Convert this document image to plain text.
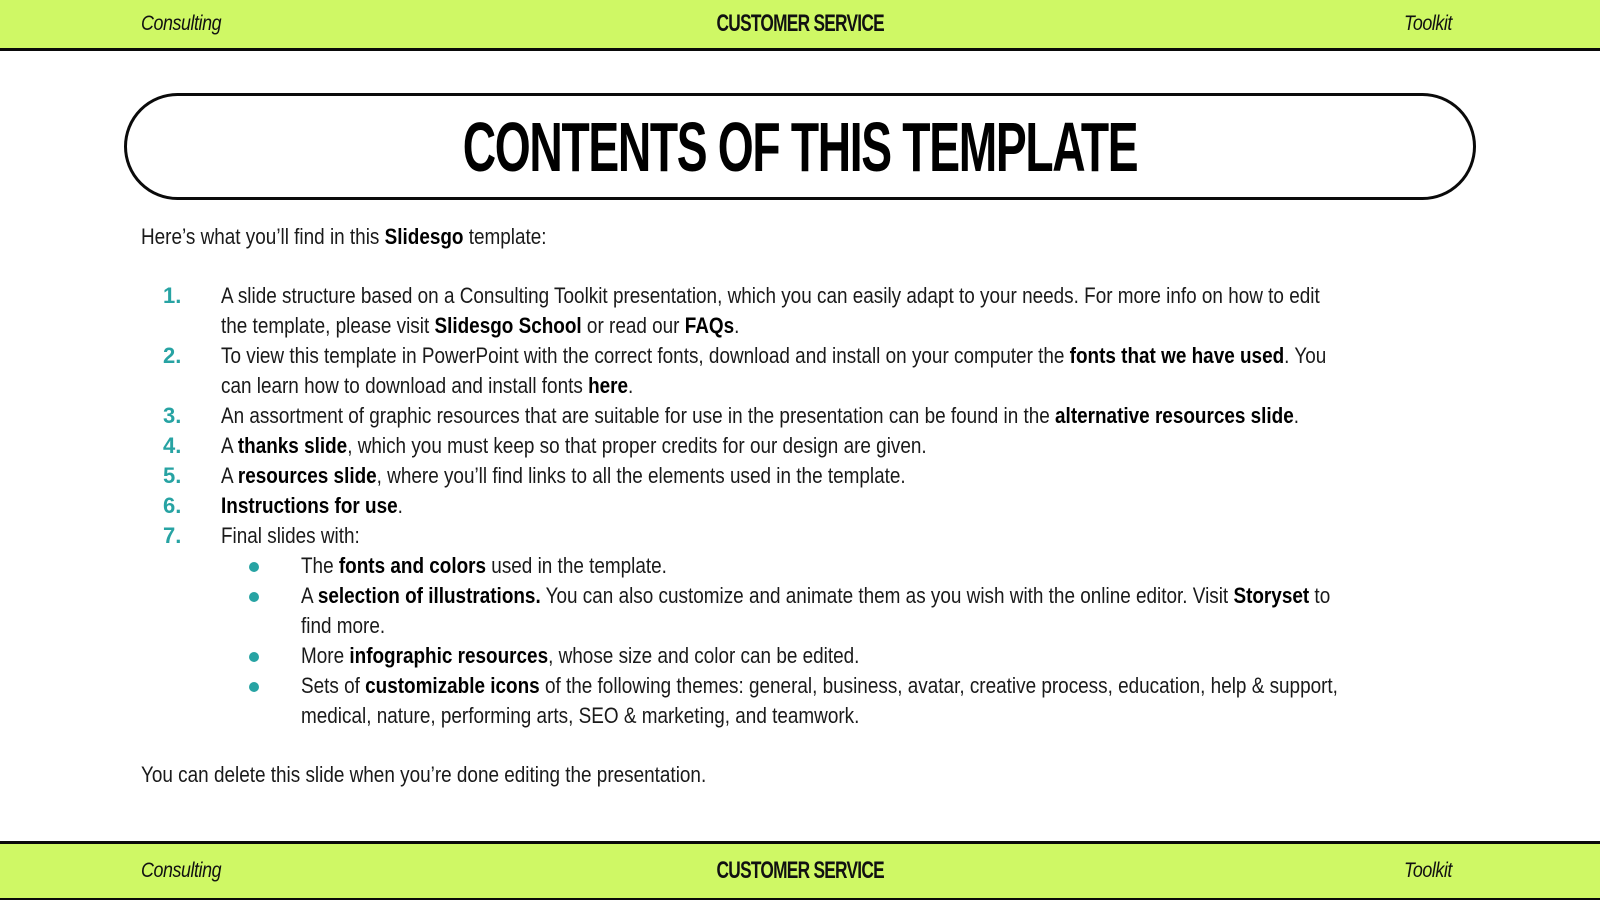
Consulting	CUSTOMER SERVICE	Toolkit
CONTENTS OF THIS TEMPLATE
Here’s what you’ll find in this Slidesgo template:
1. A slide structure based on a Consulting Toolkit presentation, which you can easily adapt to your needs. For more info on how to edit
the template, please visit Slidesgo School or read our FAQs.
2. To view this template in PowerPoint with the correct fonts, download and install on your computer the fonts that we have used. You
can learn how to download and install fonts here.
3. An assortment of graphic resources that are suitable for use in the presentation can be found in the alternative resources slide.
4. A thanks slide, which you must keep so that proper credits for our design are given.
5. A resources slide, where you’ll find links to all the elements used in the template.
6. Instructions for use.
7. Final slides with:
The fonts and colors used in the template.
A selection of illustrations. You can also customize and animate them as you wish with the online editor. Visit Storyset to
find more.
More infographic resources, whose size and color can be edited.
Sets of customizable icons of the following themes: general, business, avatar, creative process, education, help & support,
medical, nature, performing arts, SEO & marketing, and teamwork.
You can delete this slide when you’re done editing the presentation.
Consulting	CUSTOMER SERVICE	Toolkit
